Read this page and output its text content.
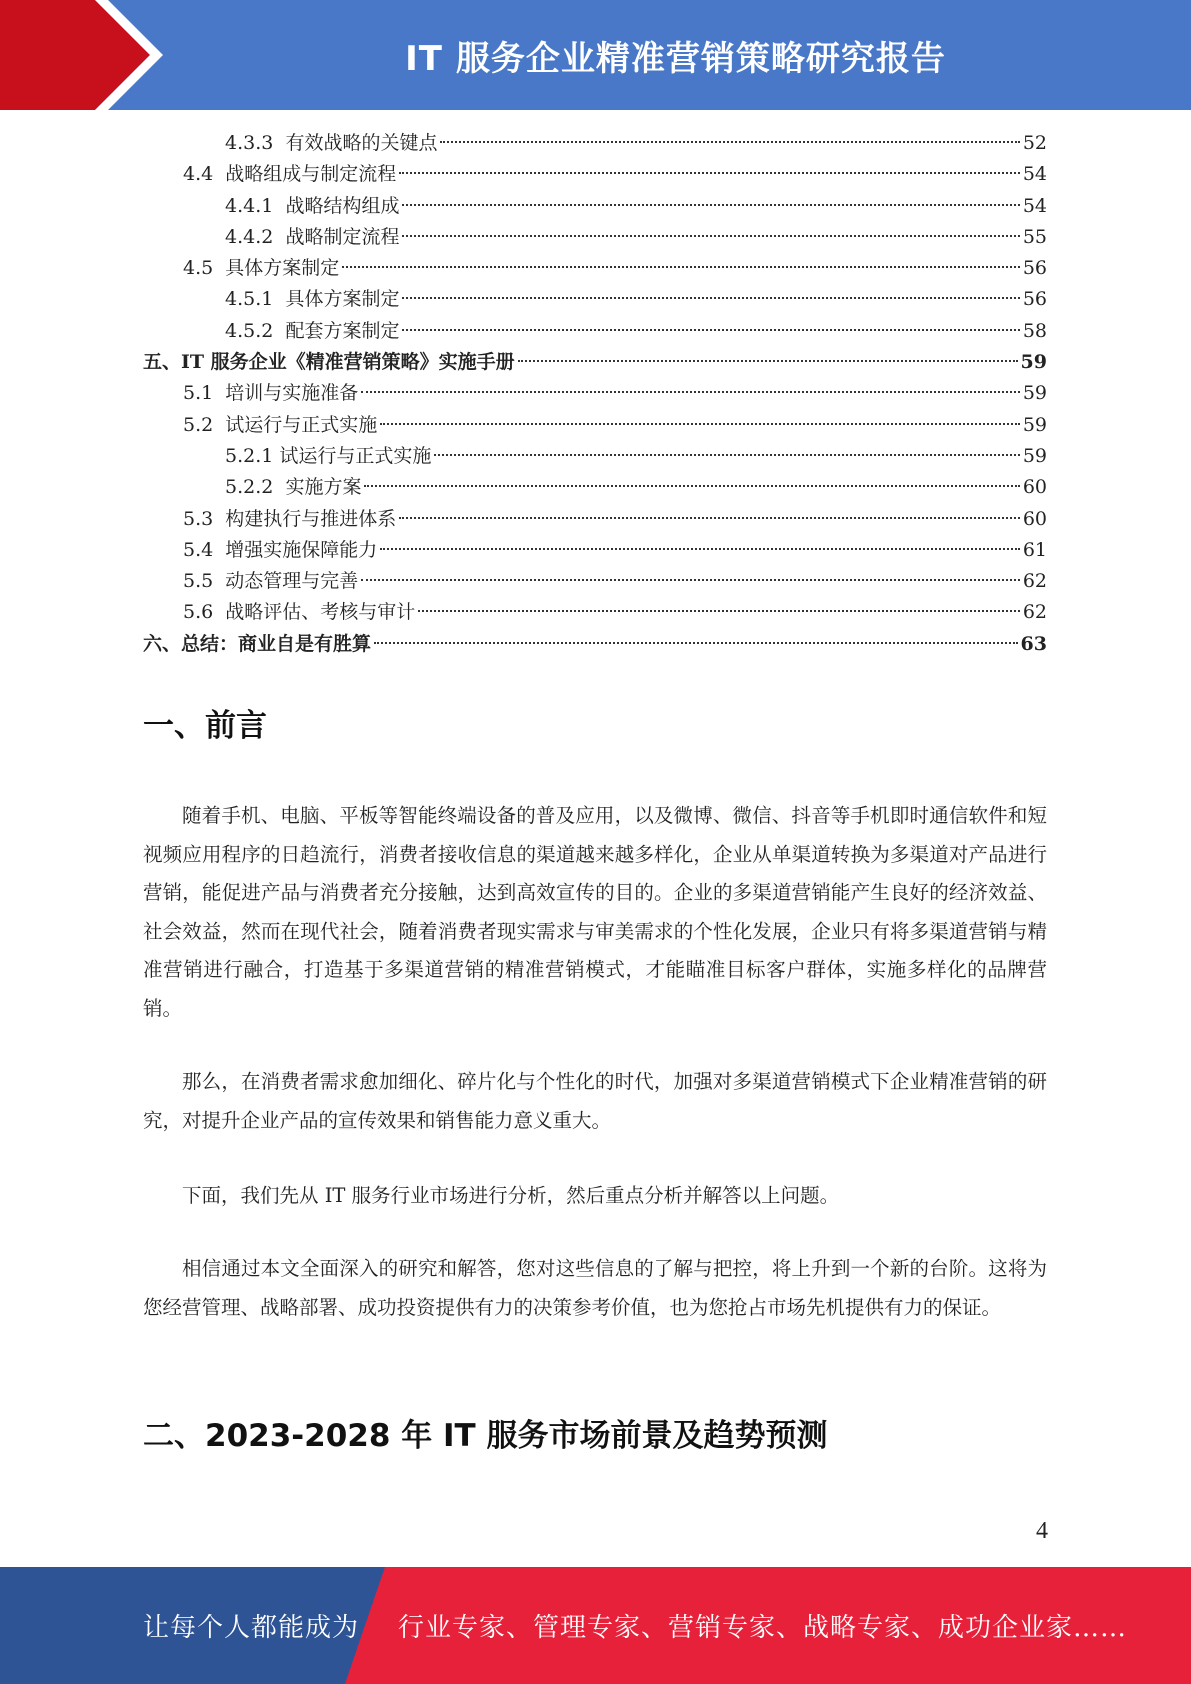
IT 服务企业精准营销策略研究报告
4.3.3 有效战略的关键点	52
4.4 战略组成与制定流程	54
4.4.1 战略结构组成	54
4.4.2 战略制定流程	55
4.5 具体方案制定	56
4.5.1 具体方案制定	56
4.5.2 配套方案制定	58
五、IT 服务企业《精准营销策略》实施手册	59
5.1 培训与实施准备	59
5.2 试运行与正式实施	59
5.2.1 试运行与正式实施	59
5.2.2 实施方案	60
5.3 构建执行与推进体系	60
5.4 增强实施保障能力	61
5.5 动态管理与完善	62
5.6 战略评估、考核与审计	62
六、总结：商业自是有胜算	63
一、前言

随着手机、电脑、平板等智能终端设备的普及应用，以及微博、微信、抖音等手机即时通信软件和短视频应用程序的日趋流行，消费者接收信息的渠道越来越多样化，企业从单渠道转换为多渠道对产品进行营销，能促进产品与消费者充分接触，达到高效宣传的目的。企业的多渠道营销能产生良好的经济效益、社会效益，然而在现代社会，随着消费者现实需求与审美需求的个性化发展，企业只有将多渠道营销与精准营销进行融合，打造基于多渠道营销的精准营销模式，才能瞄准目标客户群体，实施多样化的品牌营销。

那么，在消费者需求愈加细化、碎片化与个性化的时代，加强对多渠道营销模式下企业精准营销的研究，对提升企业产品的宣传效果和销售能力意义重大。

下面，我们先从 IT 服务行业市场进行分析，然后重点分析并解答以上问题。

相信通过本文全面深入的研究和解答，您对这些信息的了解与把控，将上升到一个新的台阶。这将为您经营管理、战略部署、成功投资提供有力的决策参考价值，也为您抢占市场先机提供有力的保证。

二、2023-2028 年 IT 服务市场前景及趋势预测
4
让每个人都能成为 行业专家、管理专家、营销专家、战略专家、成功企业家……
